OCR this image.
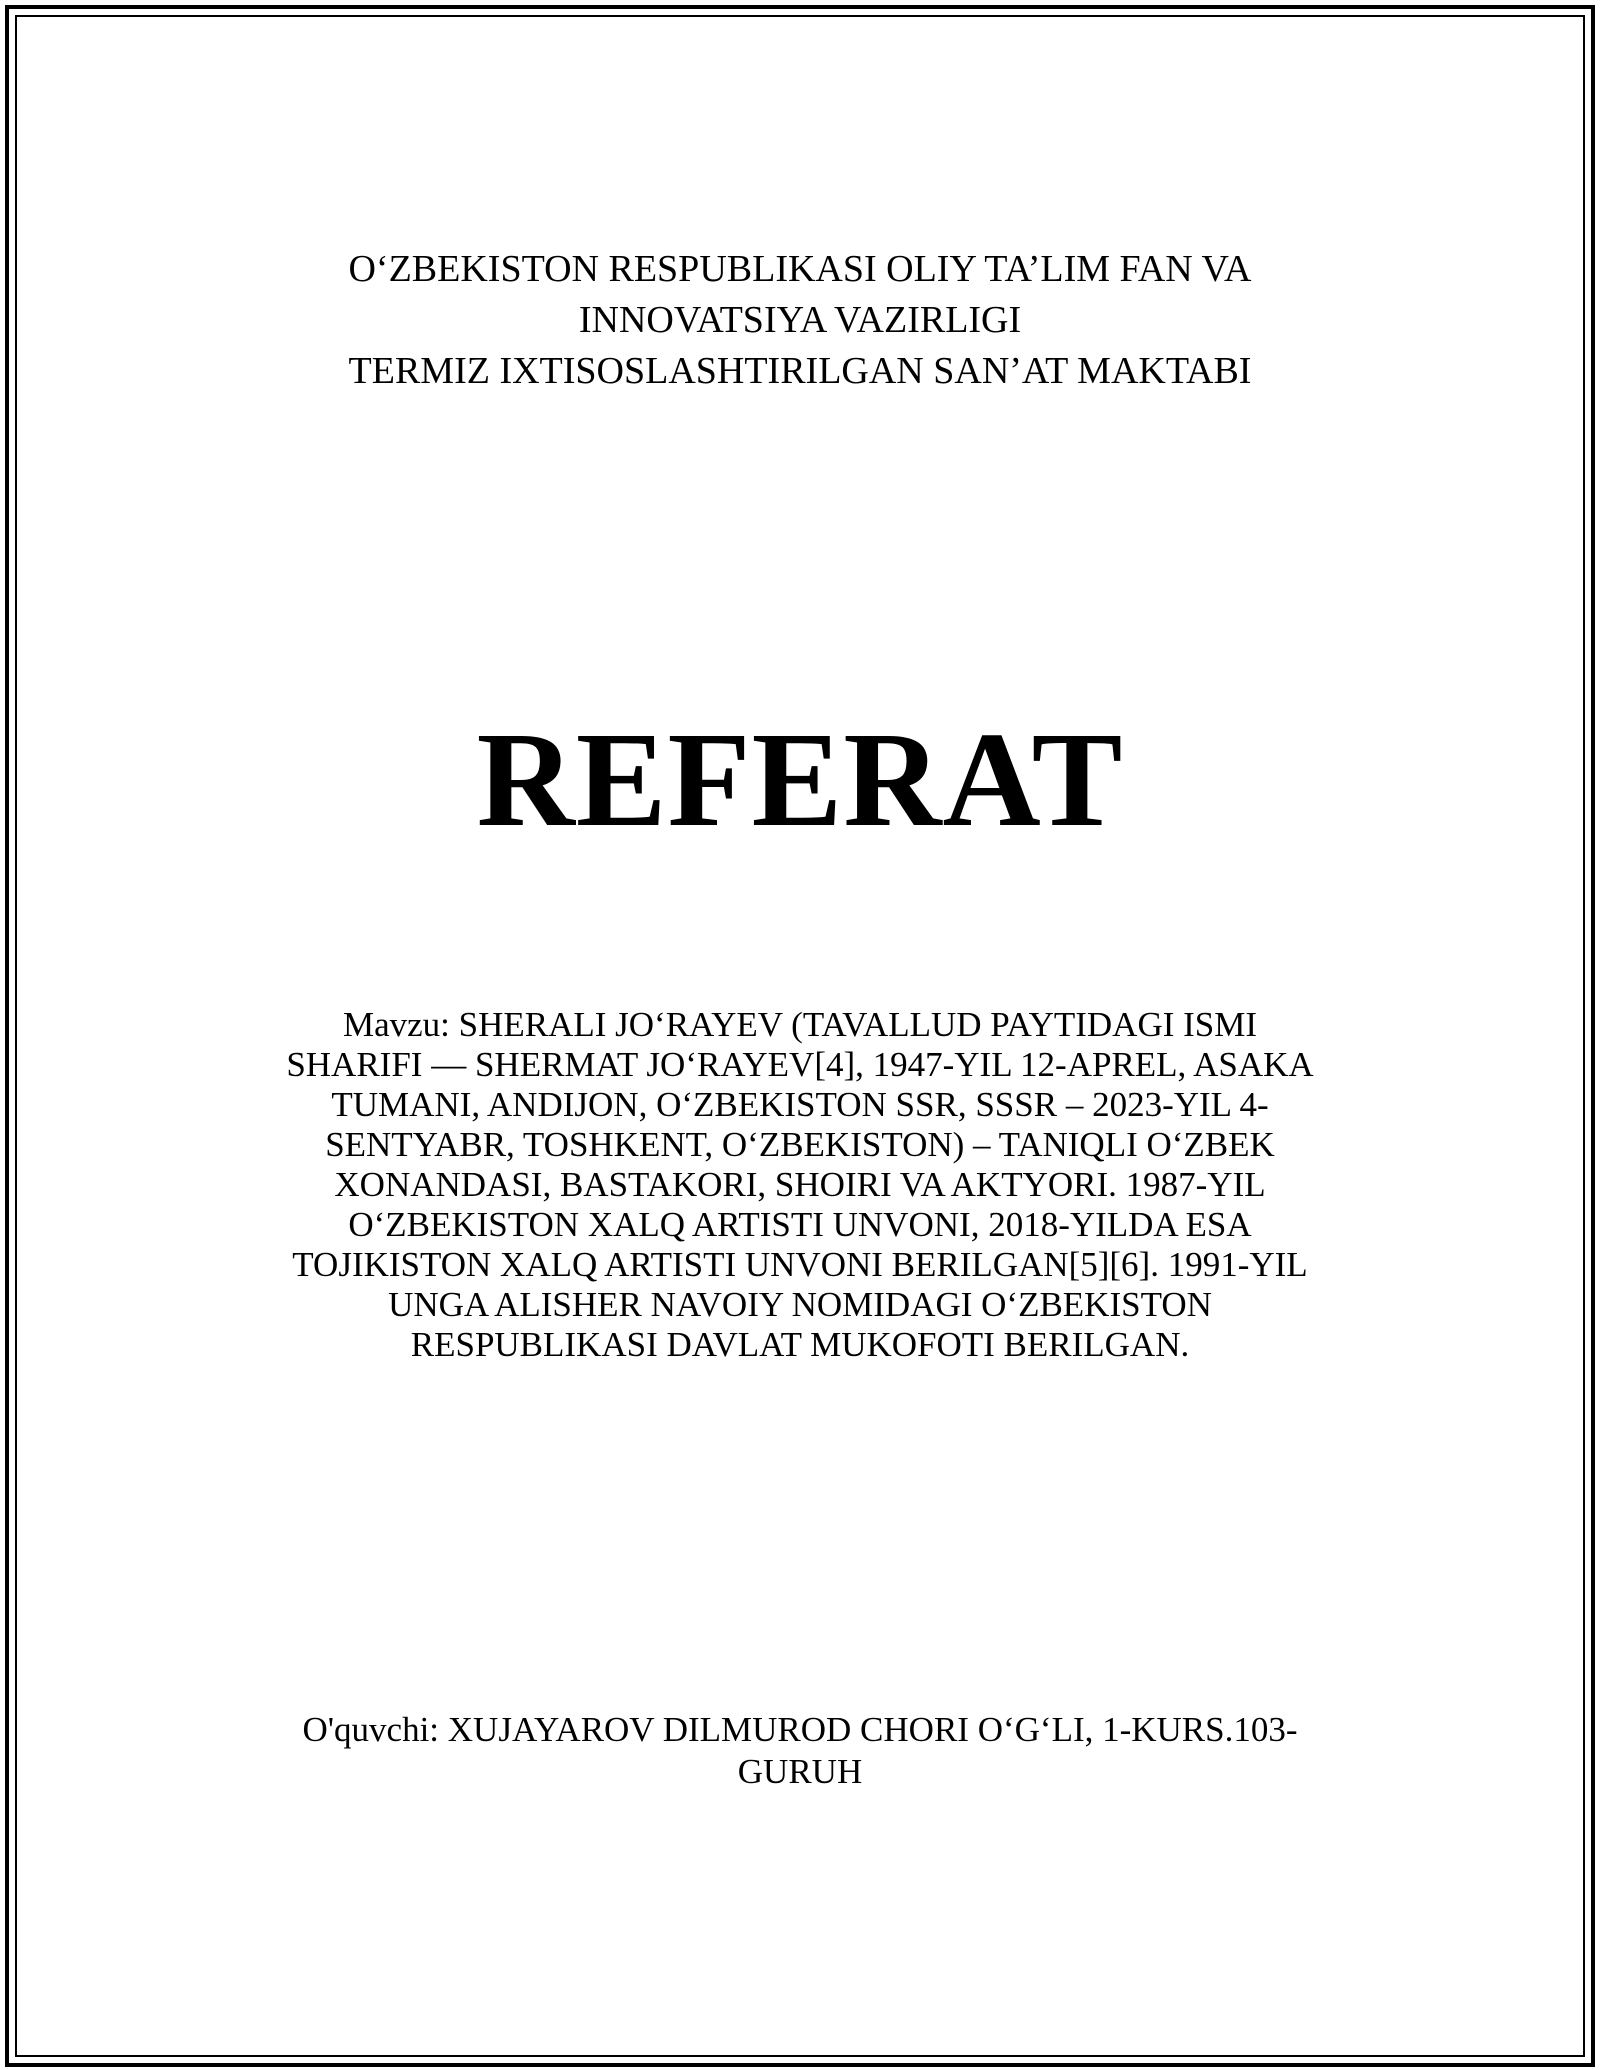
O‘ZBEKISTON RESPUBLIKASI OLIY TA’LIM FAN VA
INNOVATSIYA VAZIRLIGI
TERMIZ IXTISOSLASHTIRILGAN SAN’AT MAKTABI
REFERAT
Mavzu: SHERALI JO‘RAYEV (TAVALLUD PAYTIDAGI ISMI
SHARIFI — SHERMAT JO‘RAYEV[4], 1947-YIL 12-APREL, ASAKA
TUMANI, ANDIJON, O‘ZBEKISTON SSR, SSSR – 2023-YIL 4-
SENTYABR, TOSHKENT, O‘ZBEKISTON) – TANIQLI O‘ZBEK
XONANDASI, BASTAKORI, SHOIRI VA AKTYORI. 1987-YIL
O‘ZBEKISTON XALQ ARTISTI UNVONI, 2018-YILDA ESA
TOJIKISTON XALQ ARTISTI UNVONI BERILGAN[5][6]. 1991-YIL
UNGA ALISHER NAVOIY NOMIDAGI O‘ZBEKISTON
RESPUBLIKASI DAVLAT MUKOFOTI BERILGAN.
O'quvchi: XUJAYAROV DILMUROD CHORI O‘G‘LI, 1-KURS.103-
GURUH
